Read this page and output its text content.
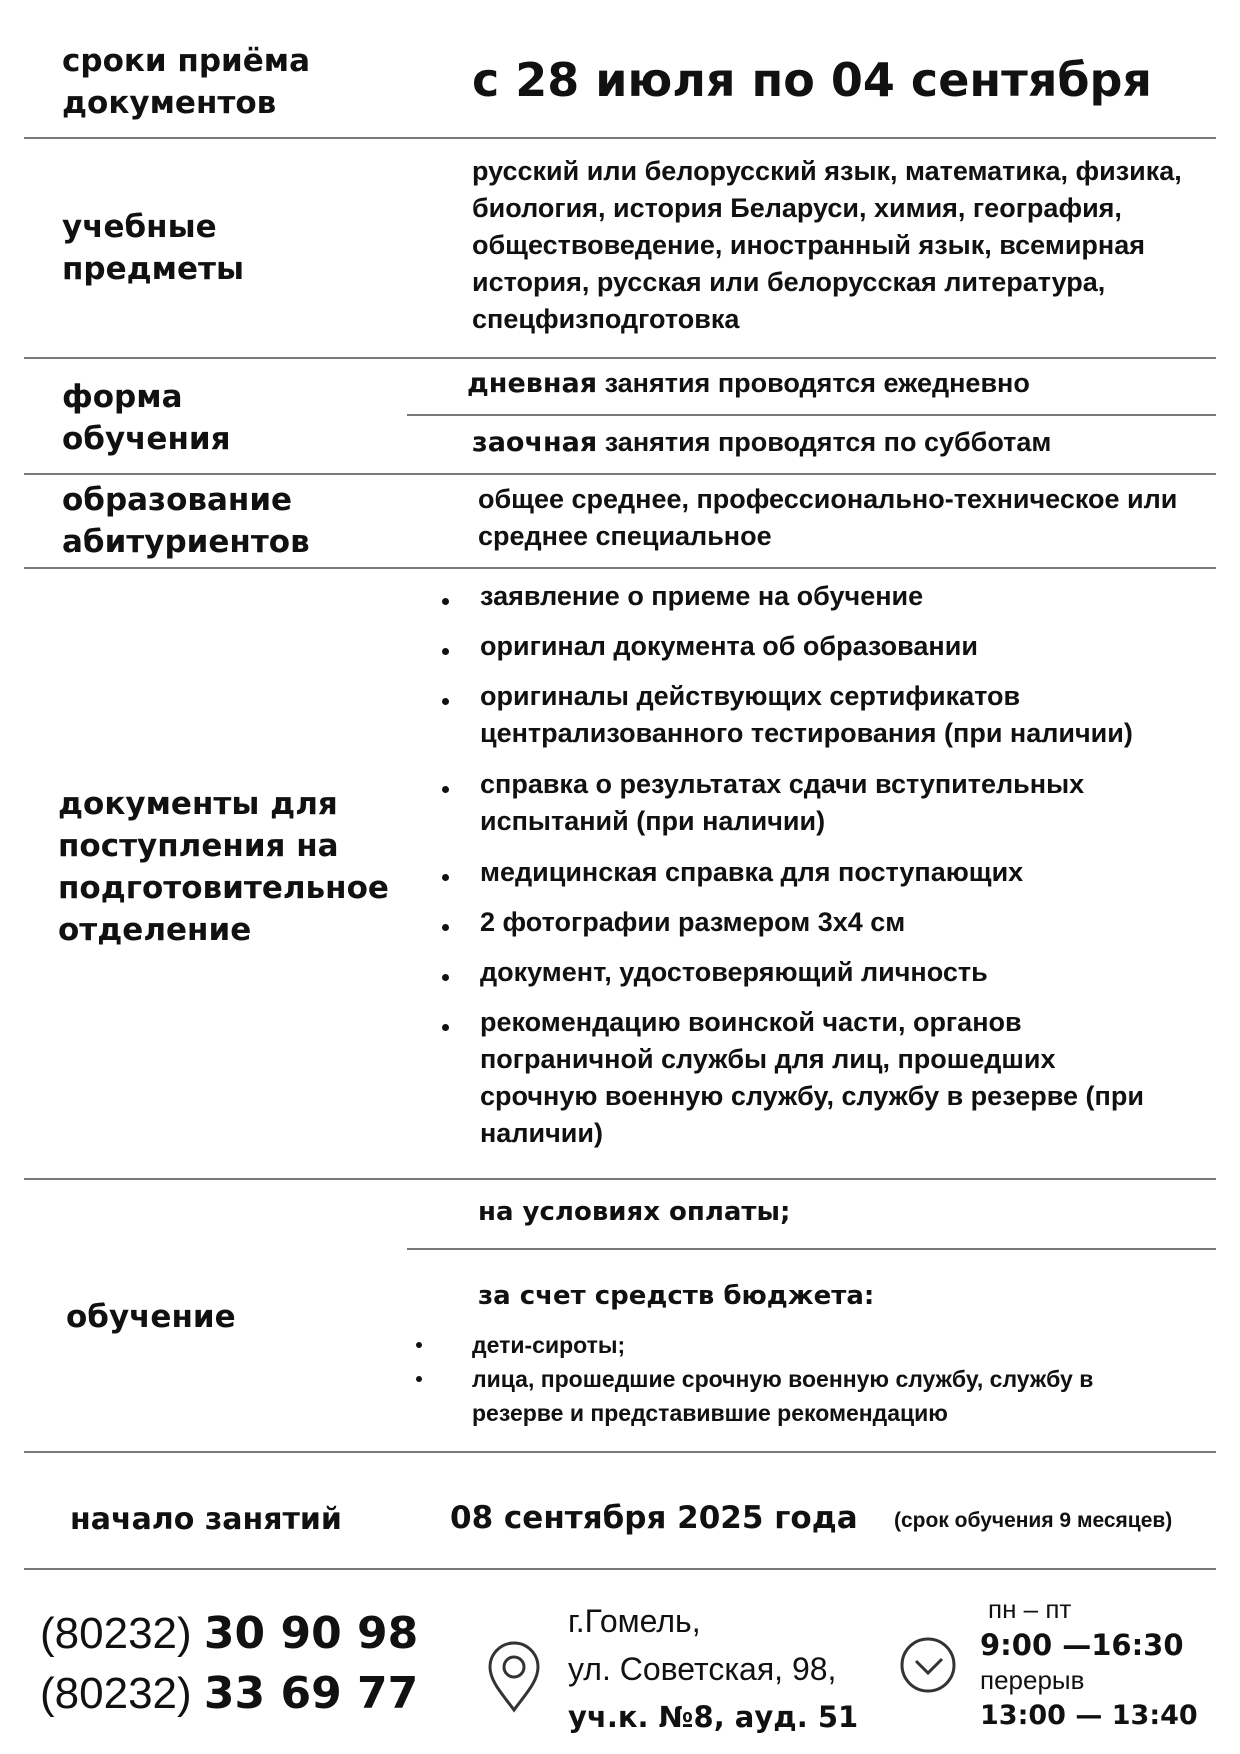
сроки приёма документов	с 28 июля по 04 сентября
учебные предметы
русский или белорусский язык, математика, физика, биология, история Беларуси, химия, география, обществоведение, иностранный язык, всемирная история, русская или белорусская литература, спецфизподготовка
форма обучения
дневная занятия проводятся ежедневно
заочная занятия проводятся по субботам
образование абитуриентов
общее среднее, профессионально-техническое или среднее специальное
документы для поступления на подготовительное отделение
заявление о приеме на обучение
оригинал документа об образовании
оригиналы действующих сертификатов централизованного тестирования (при наличии)
справка о результатах сдачи вступительных испытаний (при наличии)
медицинская справка для поступающих
2 фотографии размером 3х4 см
документ, удостоверяющий личность
рекомендацию воинской части, органов пограничной службы для лиц, прошедших срочную военную службу, службу в резерве (при наличии)
обучение
на условиях оплаты;
за счет средств бюджета:
дети-сироты;
лица, прошедшие срочную военную службу, службу в резерве и представившие рекомендацию
начало занятий	08 сентября 2025 года (срок обучения 9 месяцев)
(80232) 30 90 98
(80232) 33 69 77
г.Гомель,
ул. Советская, 98,
уч.к. №8, ауд. 51
пн – пт
9:00 —16:30
перерыв
13:00 — 13:40
